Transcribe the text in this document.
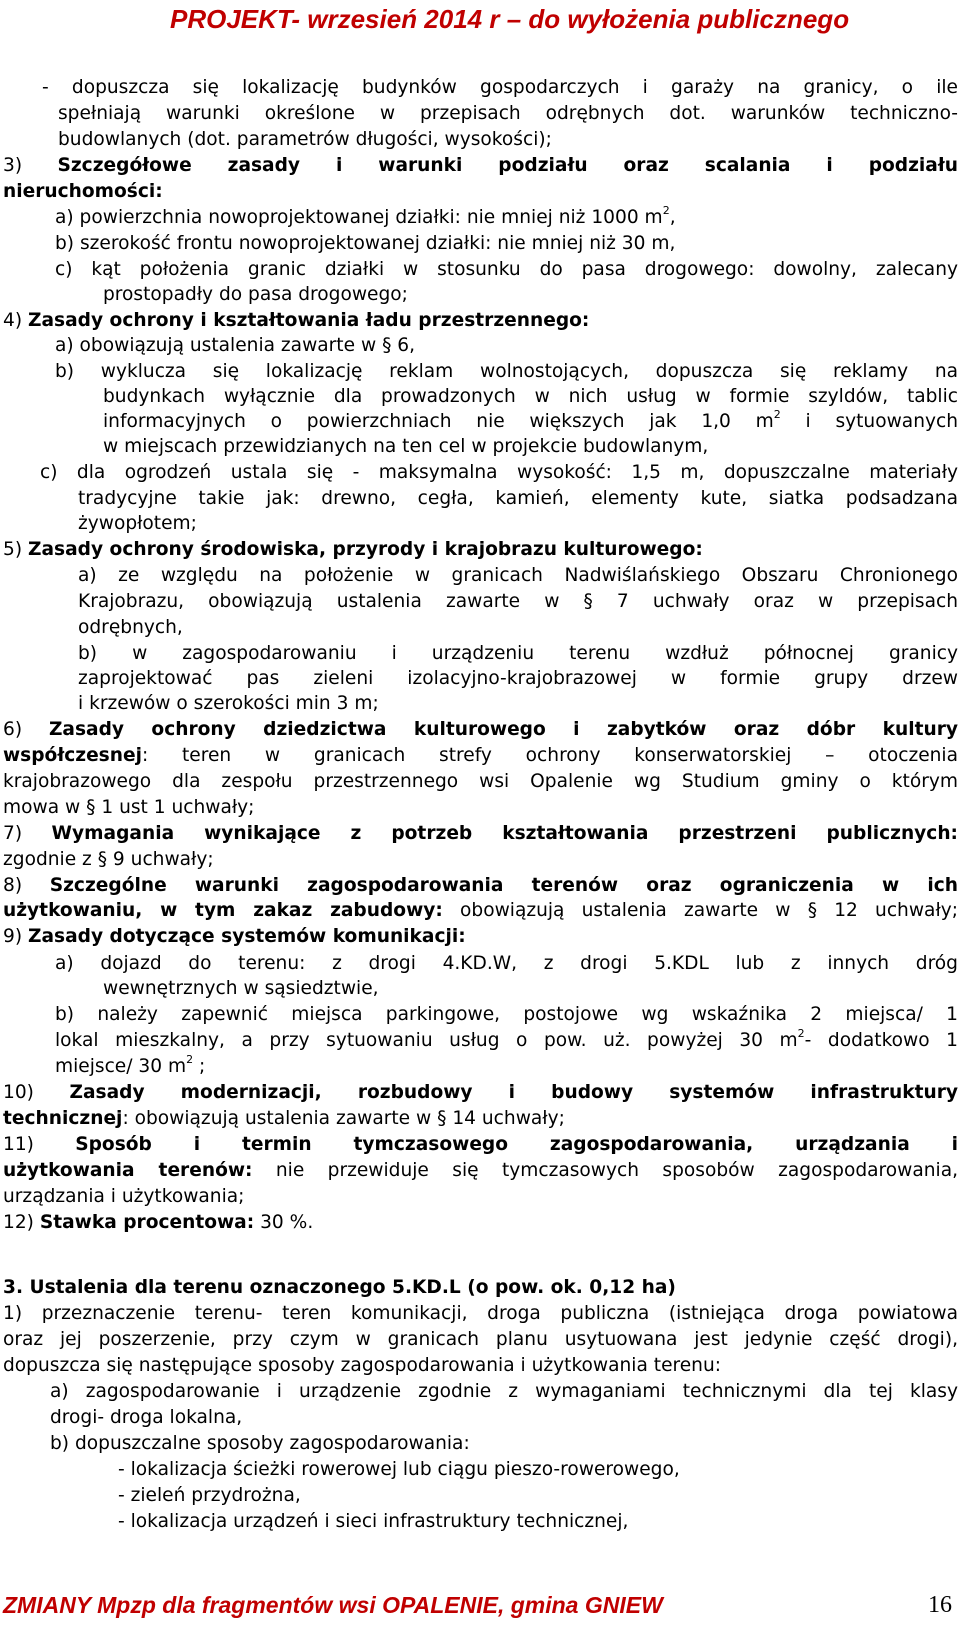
PROJEKT- wrzesień 2014 r – do wyłożenia publicznego
- dopuszcza się lokalizację budynków gospodarczych i garaży na granicy, o ile
spełniają warunki określone w przepisach odrębnych dot. warunków techniczno-
budowlanych (dot. parametrów długości, wysokości);
3) Szczegółowe zasady i warunki podziału oraz scalania i podziału
nieruchomości:
a) powierzchnia nowoprojektowanej działki: nie mniej niż 1000 $m^2$,
b) szerokość frontu nowoprojektowanej działki: nie mniej niż 30 m,
c) kąt położenia granic działki w stosunku do pasa drogowego: dowolny, zalecany
prostopadły do pasa drogowego;
4) Zasady ochrony i kształtowania ładu przestrzennego:
a) obowiązują ustalenia zawarte w § 6,
b) wyklucza się lokalizację reklam wolnostojących, dopuszcza się reklamy na
budynkach wyłącznie dla prowadzonych w nich usług w formie szyldów, tablic
informacyjnych o powierzchniach nie większych jak 1,0 $m^2$ i sytuowanych
w miejscach przewidzianych na ten cel w projekcie budowlanym,
c) dla ogrodzeń ustala się - maksymalna wysokość: 1,5 m, dopuszczalne materiały
tradycyjne takie jak: drewno, cegła, kamień, elementy kute, siatka podsadzana
żywopłotem;
5) Zasady ochrony środowiska, przyrody i krajobrazu kulturowego:
a) ze względu na położenie w granicach Nadwiślańskiego Obszaru Chronionego
Krajobrazu, obowiązują ustalenia zawarte w § 7 uchwały oraz w przepisach
odrębnych,
b) w zagospodarowaniu i urządzeniu terenu wzdłuż północnej granicy
zaprojektować pas zieleni izolacyjno-krajobrazowej w formie grupy drzew
i krzewów o szerokości min 3 m;
6) Zasady ochrony dziedzictwa kulturowego i zabytków oraz dóbr kultury
współczesnej: teren w granicach strefy ochrony konserwatorskiej – otoczenia
krajobrazowego dla zespołu przestrzennego wsi Opalenie wg Studium gminy o którym
mowa w § 1 ust 1 uchwały;
7) Wymagania wynikające z potrzeb kształtowania przestrzeni publicznych:
zgodnie z § 9 uchwały;
8) Szczególne warunki zagospodarowania terenów oraz ograniczenia w ich
użytkowaniu, w tym zakaz zabudowy: obowiązują ustalenia zawarte w § 12 uchwały;
9) Zasady dotyczące systemów komunikacji:
a) dojazd do terenu: z drogi 4.KD.W, z drogi 5.KDL lub z innych dróg
wewnętrznych w sąsiedztwie,
b) należy zapewnić miejsca parkingowe, postojowe wg wskaźnika 2 miejsca/ 1
lokal mieszkalny, a przy sytuowaniu usług o pow. uż. powyżej 30 $m^2-$ dodatkowo 1
miejsce/ 30 $m^2$ ;
10) Zasady modernizacji, rozbudowy i budowy systemów infrastruktury
technicznej: obowiązują ustalenia zawarte w § 14 uchwały;
11) Sposób i termin tymczasowego zagospodarowania, urządzania i
użytkowania terenów: nie przewiduje się tymczasowych sposobów zagospodarowania,
urządzania i użytkowania;
12) Stawka procentowa: 30 %.
3. Ustalenia dla terenu oznaczonego 5.KD.L (o pow. ok. 0,12 ha)
1) przeznaczenie terenu- teren komunikacji, droga publiczna (istniejąca droga powiatowa
oraz jej poszerzenie, przy czym w granicach planu usytuowana jest jedynie część drogi),
dopuszcza się następujące sposoby zagospodarowania i użytkowania terenu:
a) zagospodarowanie i urządzenie zgodnie z wymaganiami technicznymi dla tej klasy
drogi- droga lokalna,
b) dopuszczalne sposoby zagospodarowania:
- lokalizacja ścieżki rowerowej lub ciągu pieszo-rowerowego,
- zieleń przydrożna,
- lokalizacja urządzeń i sieci infrastruktury technicznej,
ZMIANY Mpzp dla fragmentów wsi OPALENIE, gmina GNIEW	16
